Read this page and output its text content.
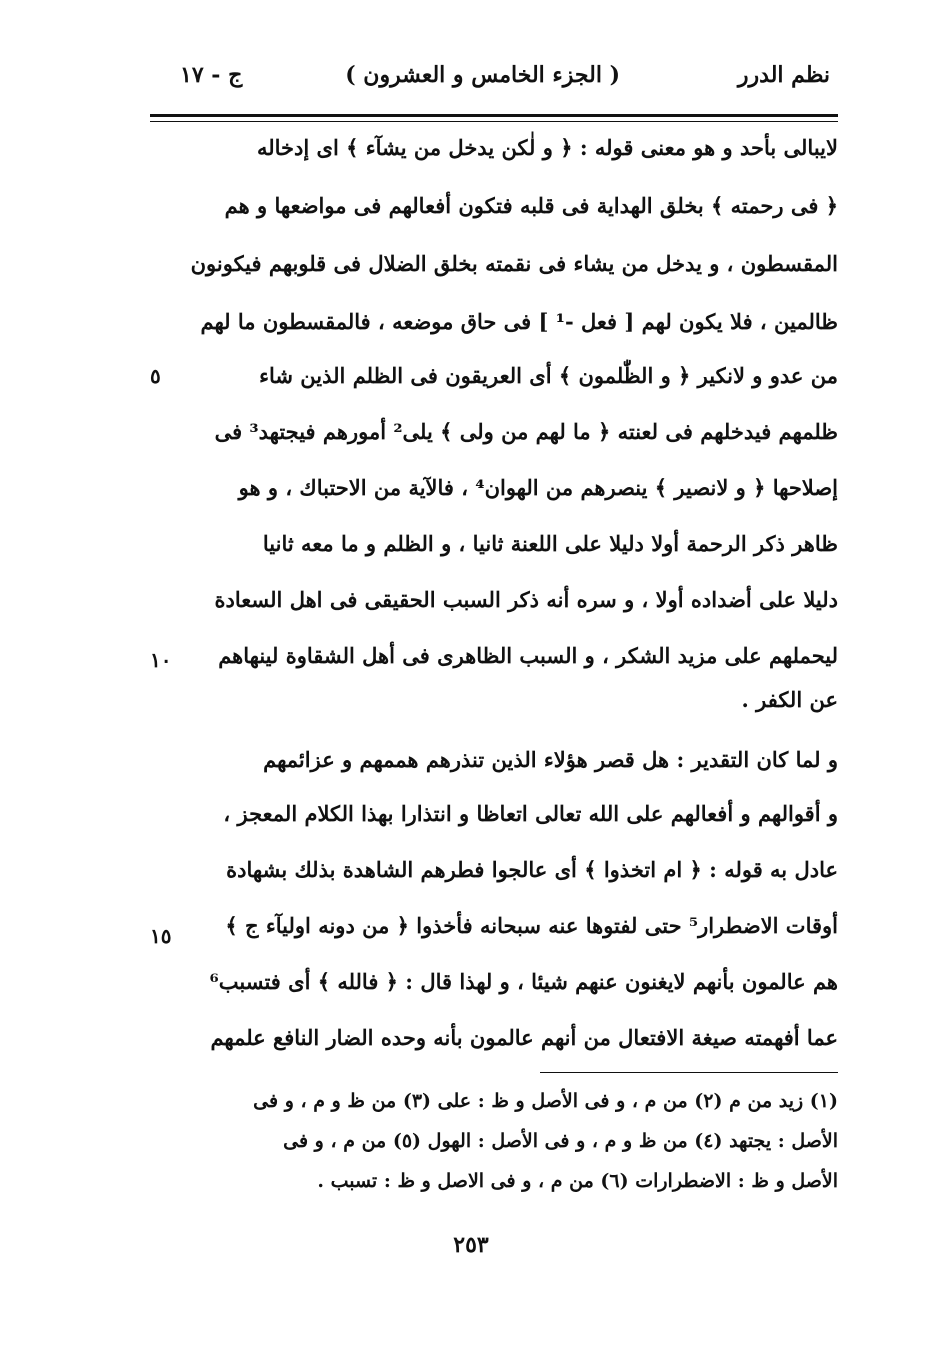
نظم الدرر
( الجزء الخامس و العشرون )
ج - ١٧
لايبالى بأحد و هو معنى قوله : ﴿ و لٰكن يدخل من يشآء ﴾ اى إدخاله
﴿ فى رحمته ﴾ بخلق الهداية فى قلبه فتكون أفعالهم فى مواضعها و هم
المقسطون ، و يدخل من يشاء فى نقمته بخلق الضلال فى قلوبهم فيكونون
ظالمين ، فلا يكون لهم [ فعل -¹ ] فى حاق موضعه ، فالمقسطون ما لهم
من عدو و لانكير ﴿ و الظّٰلمون ﴾ أى العريقون فى الظلم الذين شاء
ظلمهم فيدخلهم فى لعنته ﴿ ما لهم من ولى ﴾ يلى² أمورهم فيجتهد³ فى
إصلاحها ﴿ و لانصير ﴾ ينصرهم من الهوان⁴ ، فالآية من الاحتباك ، و هو
ظاهر ذكر الرحمة أولا دليلا على اللعنة ثانيا ، و الظلم و ما معه ثانيا
دليلا على أضداده أولا ، و سره أنه ذكر السبب الحقيقى فى اهل السعادة
ليحملهم على مزيد الشكر ، و السبب الظاهرى فى أهل الشقاوة لينهاهم
عن الكفر .
و لما كان التقدير : هل قصر هؤلاء الذين تنذرهم هممهم و عزائمهم
و أقوالهم و أفعالهم على الله تعالى اتعاظا و انتذارا بهذا الكلام المعجز ،
عادل به قوله : ﴿ ام اتخذوا ﴾ أى عالجوا فطرهم الشاهدة بذلك بشهادة
أوقات الاضطرار⁵ حتى لفتوها عنه سبحانه فأخذوا ﴿ من دونه اوليآء ج ﴾
هم عالمون بأنهم لايغنون عنهم شيئا ، و لهذا قال : ﴿ فالله ﴾ أى فتسبب⁶
عما أفهمته صيغة الافتعال من أنهم عالمون بأنه وحده الضار النافع علمهم
٥
١٠
١٥
(١) زيد من م (٢) من م ، و فى الأصل و ظ : على (٣) من ظ و م ، و فى
الأصل : يجتهد (٤) من ظ و م ، و فى الأصل : الهول (٥) من م ، و فى
الأصل و ظ : الاضطرارات (٦) من م ، و فى الاصل و ظ : تسبب .
٢٥٣
